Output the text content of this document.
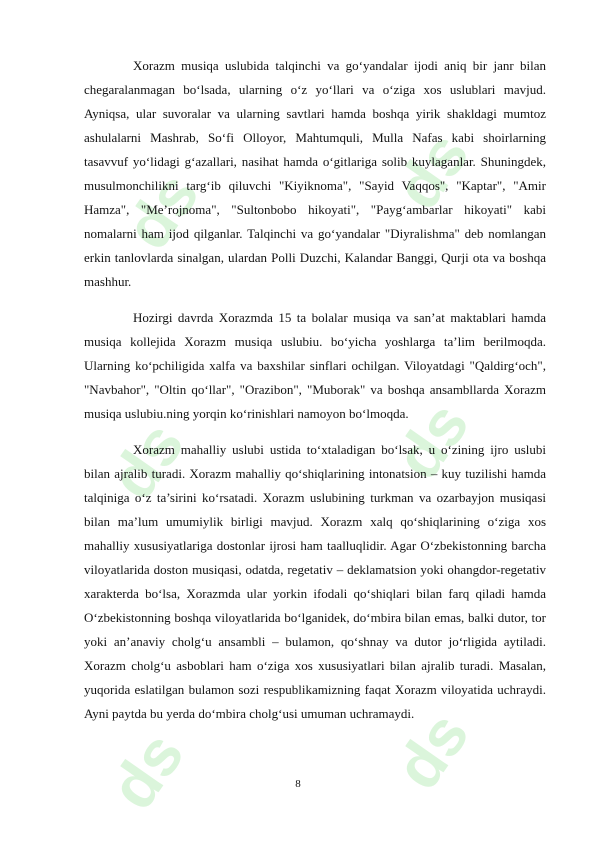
ds	ds
ds	ds
ds	ds

Xorazm musiqa uslubida talqinchi va go‘yandalar ijodi aniq bir janr bilan chegaralanmagan bo‘lsada, ularning o‘z yo‘llari va o‘ziga xos uslublari mavjud. Ayniqsa, ular suvoralar va ularning savtlari hamda boshqa yirik shakldagi mumtoz ashulalarni Mashrab, So‘fi Olloyor, Mahtumquli, Mulla Nafas kabi shoirlarning tasavvuf yo‘lidagi g‘azallari, nasihat hamda o‘gitlariga solib kuylaganlar. Shuningdek, musulmonchilikni targ‘ib qiluvchi "Kiyiknoma", "Sayid Vaqqos", "Kaptar", "Amir Hamza", "Me’rojnoma", "Sultonbobo hikoyati", "Payg‘ambarlar hikoyati" kabi nomalarni ham ijod qilganlar. Talqinchi va go‘yandalar "Diyralishma" deb nomlangan erkin tanlovlarda sinalgan, ulardan Polli Duzchi, Kalandar Banggi, Qurji ota va boshqa mashhur.

Hozirgi davrda Xorazmda 15 ta bolalar musiqa va san’at maktablari hamda musiqa kollejida Xorazm musiqa uslubiu. bo‘yicha yoshlarga ta’lim berilmoqda. Ularning ko‘pchiligida xalfa va baxshilar sinflari ochilgan. Viloyatdagi "Qaldirg‘och", "Navbahor", "Oltin qo‘llar", "Orazibon", "Muborak" va boshqa ansambllarda Xorazm musiqa uslubiu.ning yorqin ko‘rinishlari namoyon bo‘lmoqda.

Xorazm mahalliy uslubi ustida to‘xtaladigan bo‘lsak, u o‘zining ijro uslubi bilan ajralib turadi. Xorazm mahalliy qo‘shiqlarining intonatsion – kuy tuzilishi hamda talqiniga o‘z ta’sirini ko‘rsatadi. Xorazm uslubining turkman va ozarbayjon musiqasi bilan ma’lum umumiylik birligi mavjud. Xorazm xalq qo‘shiqlarining o‘ziga xos mahalliy xususiyatlariga dostonlar ijrosi ham taalluqlidir. Agar O‘zbekistonning barcha viloyatlarida doston musiqasi, odatda, regetativ – deklamatsion yoki ohangdor-regetativ xarakterda bo‘lsa, Xorazmda ular yorkin ifodali qo‘shiqlari bilan farq qiladi hamda O‘zbekistonning boshqa viloyatlarida bo‘lganidek, do‘mbira bilan emas, balki dutor, tor yoki an’anaviy cholg‘u ansambli – bulamon, qo‘shnay va dutor jo‘rligida aytiladi. Xorazm cholg‘u asboblari ham o‘ziga xos xususiyatlari bilan ajralib turadi. Masalan, yuqorida eslatilgan bulamon sozi respublikamizning faqat Xorazm viloyatida uchraydi. Ayni paytda bu yerda do‘mbira cholg‘usi umuman uchramaydi.

8
